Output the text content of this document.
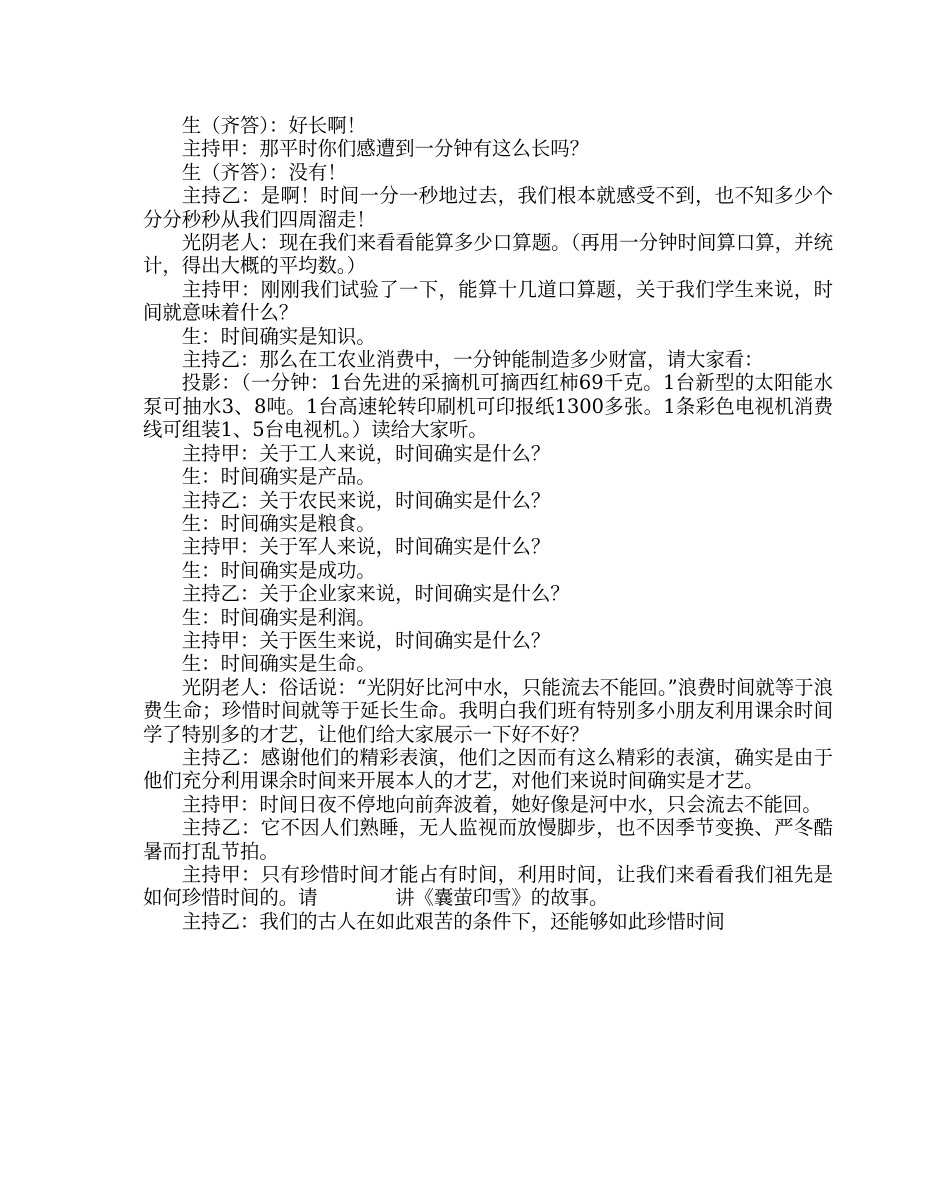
生（齐答）：好长啊！

主持甲：那平时你们感遭到一分钟有这么长吗？

生（齐答）：没有！

主持乙：是啊！时间一分一秒地过去，我们根本就感受不到，也不知多少个分分秒秒从我们四周溜走！

光阴老人：现在我们来看看能算多少口算题。（再用一分钟时间算口算，并统计，得出大概的平均数。）

主持甲：刚刚我们试验了一下，能算十几道口算题，关于我们学生来说，时间就意味着什么？

生：时间确实是知识。

主持乙：那么在工农业消费中，一分钟能制造多少财富，请大家看：

投影：（一分钟：1台先进的采摘机可摘西红柿69千克。1台新型的太阳能水泵可抽水3、8吨。1台高速轮转印刷机可印报纸1300多张。1条彩色电视机消费线可组装1、5台电视机。）读给大家听。

主持甲：关于工人来说，时间确实是什么？

生：时间确实是产品。

主持乙：关于农民来说，时间确实是什么？

生：时间确实是粮食。

主持甲：关于军人来说，时间确实是什么？

生：时间确实是成功。

主持乙：关于企业家来说，时间确实是什么？

生：时间确实是利润。

主持甲：关于医生来说，时间确实是什么？

生：时间确实是生命。

光阴老人：俗话说：“光阴好比河中水，只能流去不能回。”浪费时间就等于浪费生命；珍惜时间就等于延长生命。我明白我们班有特别多小朋友利用课余时间学了特别多的才艺，让他们给大家展示一下好不好？

主持乙：感谢他们的精彩表演，他们之因而有这么精彩的表演，确实是由于他们充分利用课余时间来开展本人的才艺，对他们来说时间确实是才艺。

主持甲：时间日夜不停地向前奔波着，她好像是河中水，只会流去不能回。

主持乙：它不因人们熟睡，无人监视而放慢脚步，也不因季节变换、严冬酷暑而打乱节拍。

主持甲：只有珍惜时间才能占有时间，利用时间，让我们来看看我们祖先是如何珍惜时间的。请　　　　讲《囊萤印雪》的故事。

主持乙：我们的古人在如此艰苦的条件下，还能够如此珍惜时间
